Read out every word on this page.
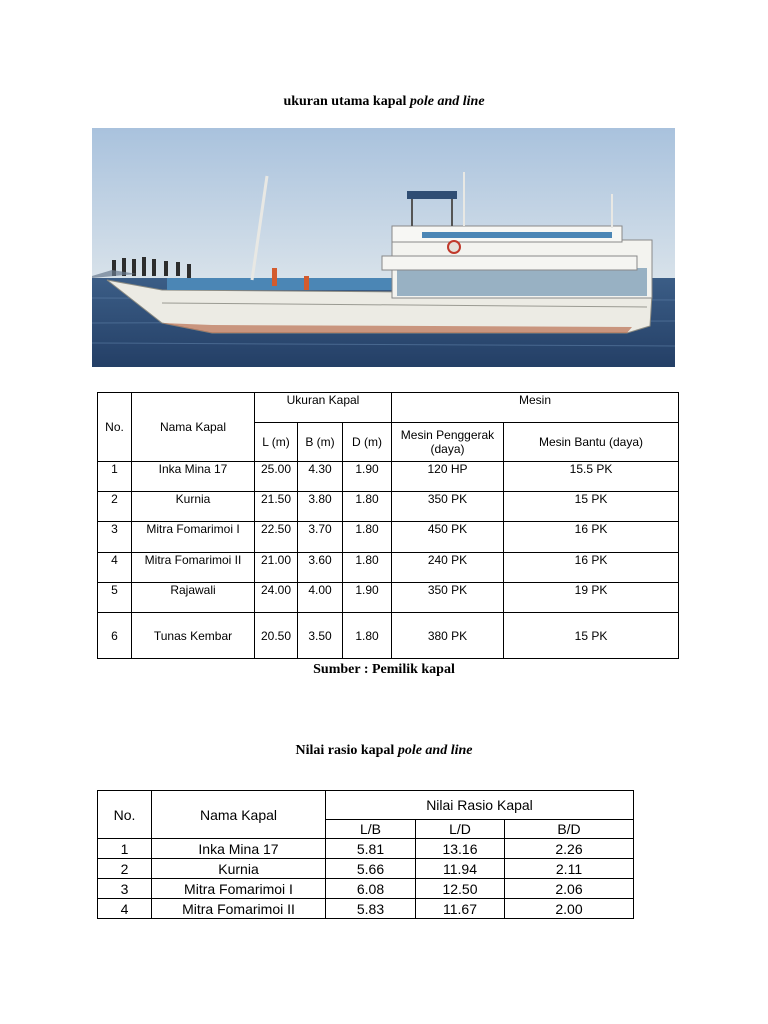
ukuran utama kapal pole and line
No.	Nama Kapal	Ukuran Kapal			Mesin	
		L (m)	B (m)	D (m)	Mesin Penggerak (daya)	Mesin Bantu (daya)
1	Inka Mina 17	25.00	4.30	1.90	120 HP	15.5 PK
2	Kurnia	21.50	3.80	1.80	350 PK	15 PK
3	Mitra Fomarimoi I	22.50	3.70	1.80	450 PK	16 PK
4	Mitra Fomarimoi II	21.00	3.60	1.80	240 PK	16 PK
5	Rajawali	24.00	4.00	1.90	350 PK	19 PK
6	Tunas Kembar	20.50	3.50	1.80	380 PK	15 PK
Sumber : Pemilik kapal
Nilai rasio kapal pole and line
No.	Nama Kapal	Nilai Rasio Kapal		
		L/B	L/D	B/D
1	Inka Mina 17	5.81	13.16	2.26
2	Kurnia	5.66	11.94	2.11
3	Mitra Fomarimoi I	6.08	12.50	2.06
4	Mitra Fomarimoi II	5.83	11.67	2.00
